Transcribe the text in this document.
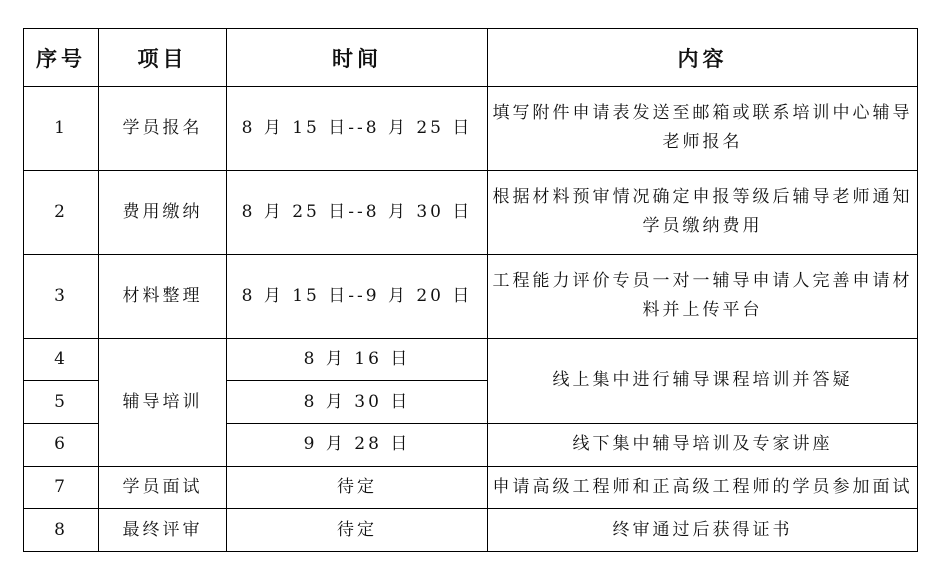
序号	项目	时间	内容
1	学员报名	8 月 15 日--8 月 25 日	填写附件申请表发送至邮箱或联系培训中心辅导老师报名
2	费用缴纳	8 月 25 日--8 月 30 日	根据材料预审情况确定申报等级后辅导老师通知学员缴纳费用
3	材料整理	8 月 15 日--9 月 20 日	工程能力评价专员一对一辅导申请人完善申请材料并上传平台
4	辅导培训	8 月 16 日	线上集中进行辅导课程培训并答疑
5		8 月 30 日	
6		9 月 28 日	线下集中辅导培训及专家讲座
7	学员面试	待定	申请高级工程师和正高级工程师的学员参加面试
8	最终评审	待定	终审通过后获得证书
